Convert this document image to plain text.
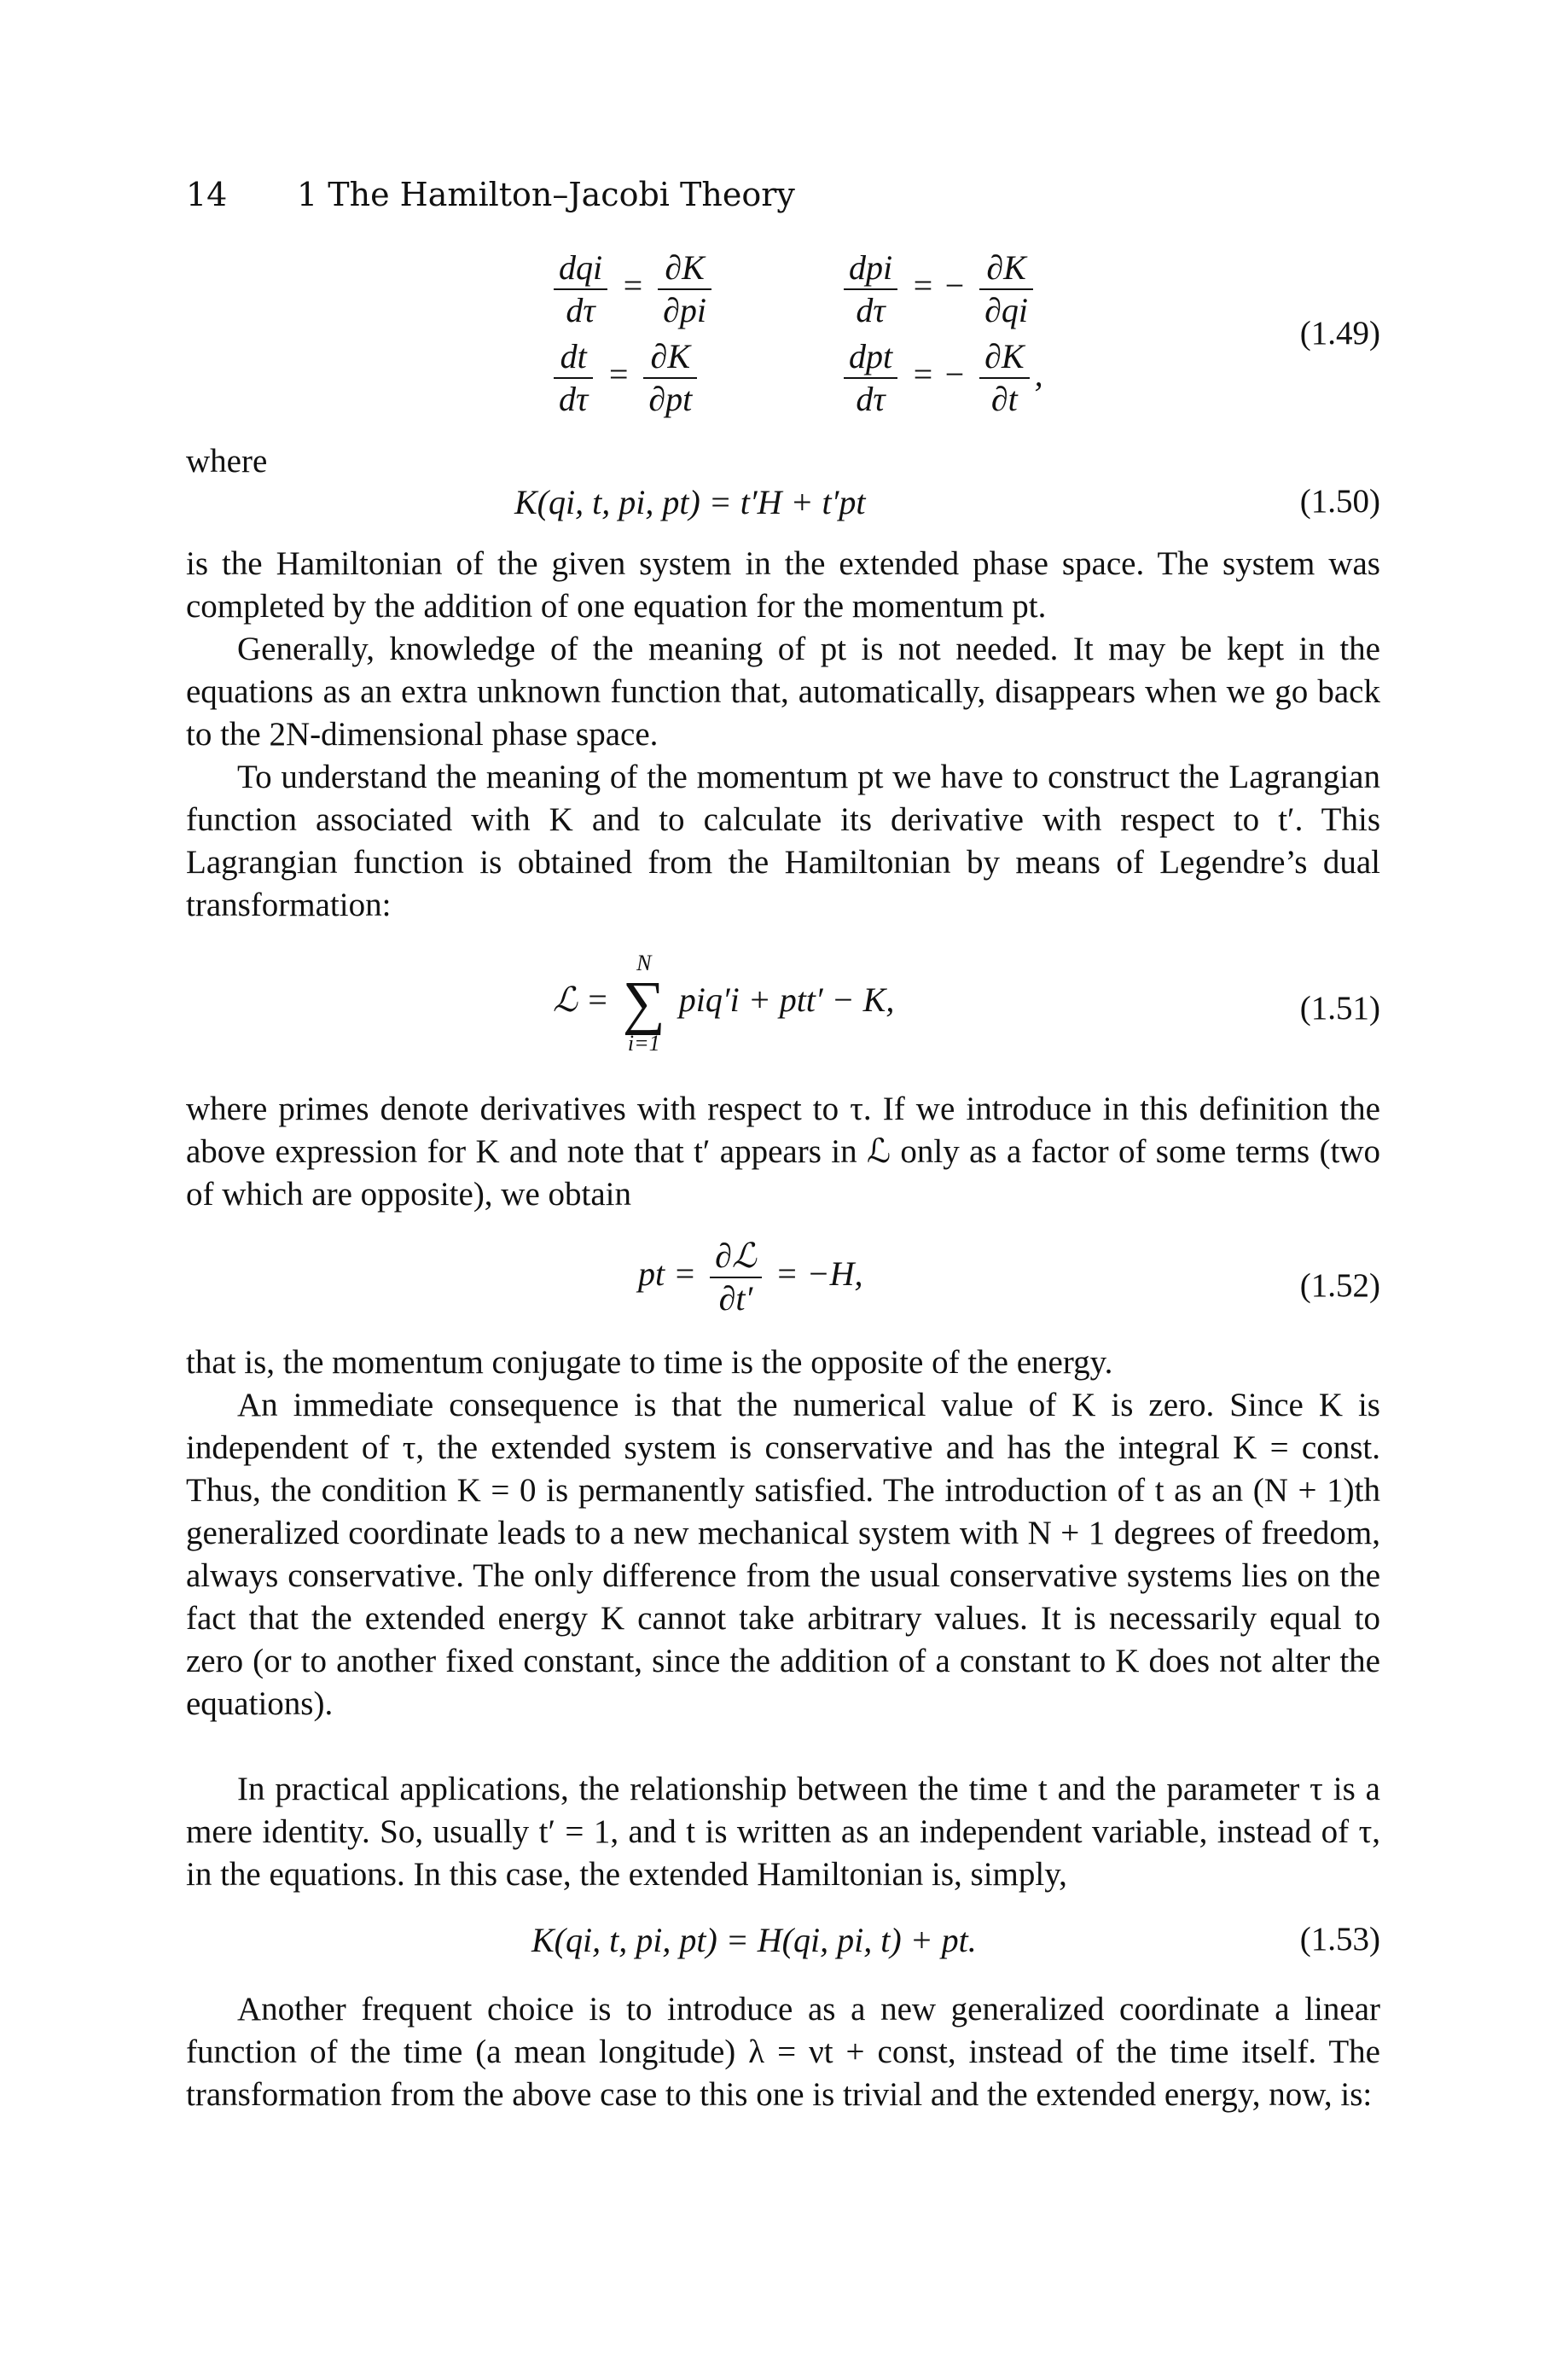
14 1 The Hamilton–Jacobi Theory
$\frac{\text{dqi}}{d\tau} = \frac{\partial K}{\partial pi}$	$\frac{\text{dpi}}{d\tau}$ = − $\frac{\partial K}{\partial qi}$
$\frac{dt}{d\tau} = \frac{\partial K}{\partial pt}$	$\frac{\text{dpt}}{d\tau}$ = − $\frac{\partial K}{\partial t}$ ,
(1.49)
where
K(qi, t, pi, pt) = t′H + t′pt	(1.50)
is the Hamiltonian of the given system in the extended phase space. The system was completed by the addition of one equation for the momentum pt.
Generally, knowledge of the meaning of pt is not needed. It may be kept in the equations as an extra unknown function that, automatically, disappears when we go back to the 2N-dimensional phase space.
To understand the meaning of the momentum pt we have to construct the Lagrangian function associated with K and to calculate its derivative with respect to t′. This Lagrangian function is obtained from the Hamiltonian by means of Legendre’s dual transformation:
ℒ =
N
∑
i=1
piq′i + ptt′ − K,	(1.51)
where primes denote derivatives with respect to τ. If we introduce in this definition the above expression for K and note that t′ appears in ℒ only as a factor of some terms (two of which are opposite), we obtain
pt = $\frac{\text{∂ℒ}}{\partial t'} = -H$,	(1.52)
that is, the momentum conjugate to time is the opposite of the energy.
An immediate consequence is that the numerical value of K is zero. Since K is independent of τ, the extended system is conservative and has the integral K = const. Thus, the condition K = 0 is permanently satisfied. The introduction of t as an (N + 1)th generalized coordinate leads to a new mechanical system with N + 1 degrees of freedom, always conservative. The only difference from the usual conservative systems lies on the fact that the extended energy K cannot take arbitrary values. It is necessarily equal to zero (or to another fixed constant, since the addition of a constant to K does not alter the equations).
In practical applications, the relationship between the time t and the parameter τ is a mere identity. So, usually t′ = 1, and t is written as an independent variable, instead of τ, in the equations. In this case, the extended Hamiltonian is, simply,
K(qi, t, pi, pt) = H(qi, pi, t) + pt.	(1.53)
Another frequent choice is to introduce as a new generalized coordinate a linear function of the time (a mean longitude) λ = νt + const, instead of the time itself. The transformation from the above case to this one is trivial and the extended energy, now, is:
